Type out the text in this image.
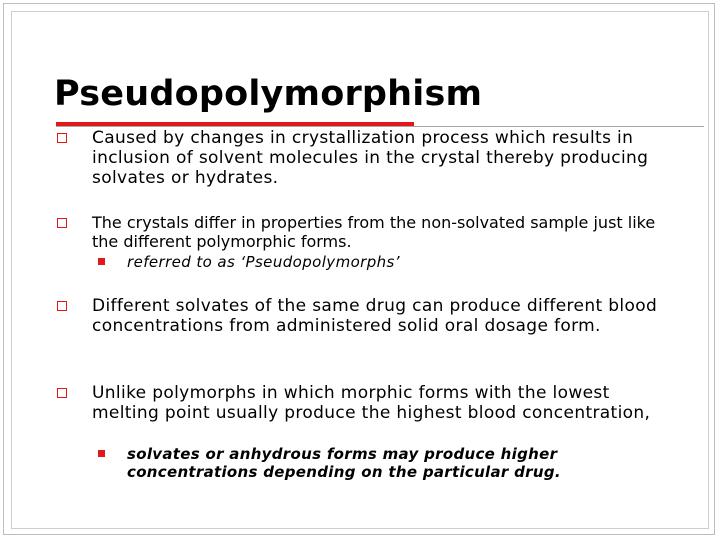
Pseudopolymorphism

Caused by changes in crystallization process which results in inclusion of solvent molecules in the crystal thereby producing solvates or hydrates.

The crystals differ in properties from the non-solvated sample just like the different polymorphic forms.

referred to as ‘Pseudopolymorphs’

Different solvates of the same drug can produce different blood concentrations from administered solid oral dosage form.

Unlike polymorphs in which morphic forms with the lowest melting point usually produce the highest blood concentration,

solvates or anhydrous forms may produce higher

concentrations depending on the particular drug.
